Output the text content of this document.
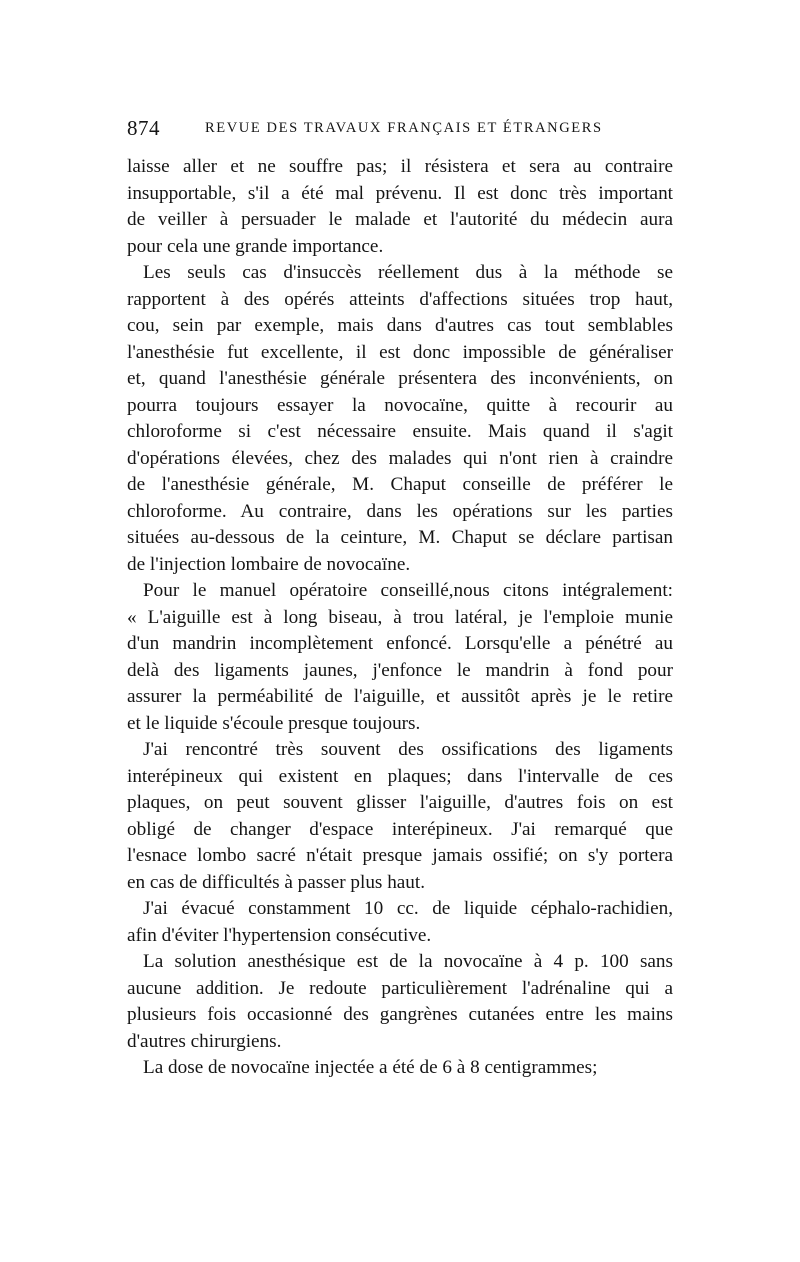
874	REVUE DES TRAVAUX FRANÇAIS ET ÉTRANGERS
laisse aller et ne souffre pas; il résistera et sera au contraire
insupportable, s'il a été mal prévenu. Il est donc très important
de veiller à persuader le malade et l'autorité du médecin aura
pour cela une grande importance.
Les seuls cas d'insuccès réellement dus à la méthode se
rapportent à des opérés atteints d'affections situées trop haut,
cou, sein par exemple, mais dans d'autres cas tout semblables
l'anesthésie fut excellente, il est donc impossible de généraliser
et, quand l'anesthésie générale présentera des inconvénients, on
pourra toujours essayer la novocaïne, quitte à recourir au
chloroforme si c'est nécessaire ensuite. Mais quand il s'agit
d'opérations élevées, chez des malades qui n'ont rien à craindre
de l'anesthésie générale, M. Chaput conseille de préférer le
chloroforme. Au contraire, dans les opérations sur les parties
situées au-dessous de la ceinture, M. Chaput se déclare partisan
de l'injection lombaire de novocaïne.
Pour le manuel opératoire conseillé,nous citons intégralement:
« L'aiguille est à long biseau, à trou latéral, je l'emploie munie
d'un mandrin incomplètement enfoncé. Lorsqu'elle a pénétré au
delà des ligaments jaunes, j'enfonce le mandrin à fond pour
assurer la perméabilité de l'aiguille, et aussitôt après je le retire
et le liquide s'écoule presque toujours.
J'ai rencontré très souvent des ossifications des ligaments
interépineux qui existent en plaques; dans l'intervalle de ces
plaques, on peut souvent glisser l'aiguille, d'autres fois on est
obligé de changer d'espace interépineux. J'ai remarqué que
l'esnace lombo sacré n'était presque jamais ossifié; on s'y portera
en cas de difficultés à passer plus haut.
J'ai évacué constamment 10 cc. de liquide céphalo-rachidien,
afin d'éviter l'hypertension consécutive.
La solution anesthésique est de la novocaïne à 4 p. 100 sans
aucune addition. Je redoute particulièrement l'adrénaline qui a
plusieurs fois occasionné des gangrènes cutanées entre les mains
d'autres chirurgiens.
La dose de novocaïne injectée a été de 6 à 8 centigrammes;
